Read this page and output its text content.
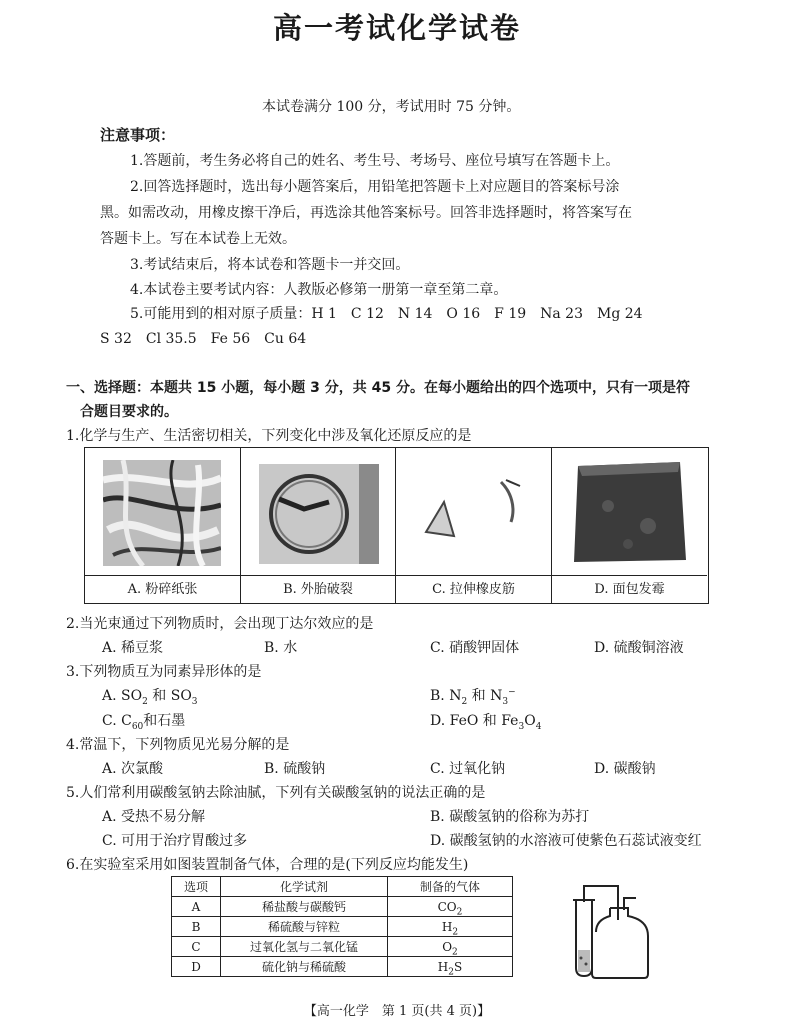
高一考试化学试卷
本试卷满分 100 分，考试用时 75 分钟。
注意事项：
1.答题前，考生务必将自己的姓名、考生号、考场号、座位号填写在答题卡上。
2.回答选择题时，选出每小题答案后，用铅笔把答题卡上对应题目的答案标号涂
黑。如需改动，用橡皮擦干净后，再选涂其他答案标号。回答非选择题时，将答案写在
答题卡上。写在本试卷上无效。
3.考试结束后，将本试卷和答题卡一并交回。
4.本试卷主要考试内容：人教版必修第一册第一章至第二章。
5.可能用到的相对原子质量：H 1　C 12　N 14　O 16　F 19　Na 23　Mg 24
S 32　Cl 35.5　Fe 56　Cu 64
一、选择题：本题共 15 小题，每小题 3 分，共 45 分。在每小题给出的四个选项中，只有一项是符
合题目要求的。
1.化学与生产、生活密切相关，下列变化中涉及氧化还原反应的是
A. 粉碎纸张	B. 外胎破裂	C. 拉伸橡皮筋	D. 面包发霉
2.当光束通过下列物质时，会出现丁达尔效应的是
A. 稀豆浆	B. 水	C. 硝酸钾固体	D. 硫酸铜溶液
3.下列物质互为同素异形体的是
A. $SO_2$ 和 $SO_3$	B. $N_2$ 和 $N_3^-$
C. $C_{60}$和石墨	D. FeO 和 $Fe_3O_4$
4.常温下，下列物质见光易分解的是
A. 次氯酸	B. 硫酸钠	C. 过氧化钠	D. 碳酸钠
5.人们常利用碳酸氢钠去除油腻，下列有关碳酸氢钠的说法正确的是
A. 受热不易分解	B. 碳酸氢钠的俗称为苏打
C. 可用于治疗胃酸过多	D. 碳酸氢钠的水溶液可使紫色石蕊试液变红
6.在实验室采用如图装置制备气体，合理的是(下列反应均能发生)
选项	化学试剂	制备的气体
A	稀盐酸与碳酸钙	$CO_2$
B	稀硫酸与锌粒	$H_2$
C	过氧化氢与二氧化锰	$O_2$
D	硫化钠与稀硫酸	$H_2S$
【高一化学　第 1 页(共 4 页)】
